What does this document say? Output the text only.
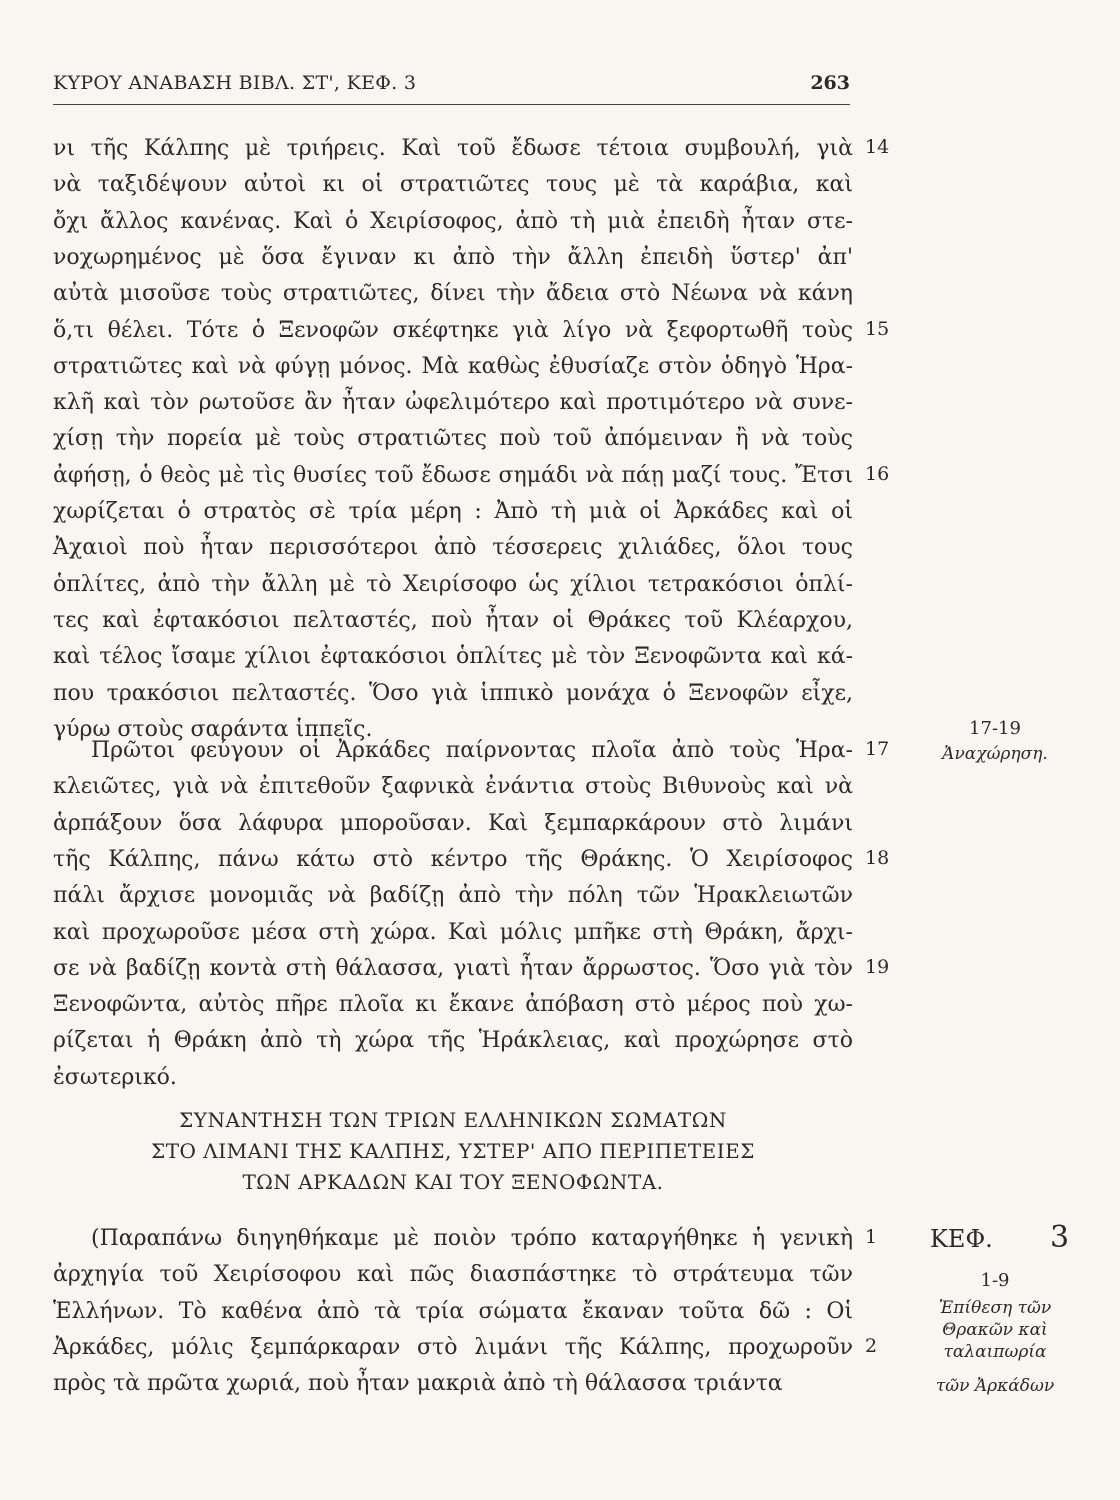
ΚΥΡΟΥ ΑΝΑΒΑΣΗ ΒΙΒΛ. ΣΤ', ΚΕΦ. 3	263
νι τῆς Κάλπης μὲ τριήρεις. Καὶ τοῦ ἔδωσε τέτοια συμβουλή, γιὰ 14
νὰ ταξιδέψουν αὐτοὶ κι οἱ στρατιῶτες τους μὲ τὰ καράβια, καὶ
ὄχι ἄλλος κανένας. Καὶ ὁ Χειρίσοφος, ἀπὸ τὴ μιὰ ἐπειδὴ ἦταν στε-
νοχωρημένος μὲ ὅσα ἔγιναν κι ἀπὸ τὴν ἄλλη ἐπειδὴ ὕστερ' ἀπ'
αὐτὰ μισοῦσε τοὺς στρατιῶτες, δίνει τὴν ἄδεια στὸ Νέωνα νὰ κάνη
ὅ,τι θέλει. Τότε ὁ Ξενοφῶν σκέφτηκε γιὰ λίγο νὰ ξεφορτωθῆ τοὺς 15
στρατιῶτες καὶ νὰ φύγῃ μόνος. Μὰ καθὼς ἐθυσίαζε στὸν ὁδηγὸ Ἡρα-
κλῆ καὶ τὸν ρωτοῦσε ἂν ἦταν ὠφελιμότερο καὶ προτιμότερο νὰ συνε-
χίσῃ τὴν πορεία μὲ τοὺς στρατιῶτες ποὺ τοῦ ἀπόμειναν ἢ νὰ τοὺς
ἀφήσῃ, ὁ θεὸς μὲ τὶς θυσίες τοῦ ἔδωσε σημάδι νὰ πάῃ μαζί τους. Ἔτσι 16
χωρίζεται ὁ στρατὸς σὲ τρία μέρη : Ἀπὸ τὴ μιὰ οἱ Ἀρκάδες καὶ οἱ
Ἀχαιοὶ ποὺ ἦταν περισσότεροι ἀπὸ τέσσερεις χιλιάδες, ὅλοι τους
ὁπλίτες, ἀπὸ τὴν ἄλλη μὲ τὸ Χειρίσοφο ὡς χίλιοι τετρακόσιοι ὁπλί-
τες καὶ ἐφτακόσιοι πελταστές, ποὺ ἦταν οἱ Θράκες τοῦ Κλέαρχου,
καὶ τέλος ἴσαμε χίλιοι ἐφτακόσιοι ὁπλίτες μὲ τὸν Ξενοφῶντα καὶ κά-
που τρακόσιοι πελταστές. Ὅσο γιὰ ἱππικὸ μονάχα ὁ Ξενοφῶν εἶχε,
γύρω στοὺς σαράντα ἱππεῖς.
Πρῶτοι φεύγουν οἱ Ἀρκάδες παίρνοντας πλοῖα ἀπὸ τοὺς Ἡρα- 17
κλειῶτες, γιὰ νὰ ἐπιτεθοῦν ξαφνικὰ ἐνάντια στοὺς Βιθυνοὺς καὶ νὰ
ἁρπάξουν ὅσα λάφυρα μποροῦσαν. Καὶ ξεμπαρκάρουν στὸ λιμάνι
τῆς Κάλπης, πάνω κάτω στὸ κέντρο τῆς Θράκης. Ὁ Χειρίσοφος 18
πάλι ἄρχισε μονομιᾶς νὰ βαδίζῃ ἀπὸ τὴν πόλη τῶν Ἡρακλειωτῶν
καὶ προχωροῦσε μέσα στὴ χώρα. Καὶ μόλις μπῆκε στὴ Θράκη, ἄρχι-
σε νὰ βαδίζῃ κοντὰ στὴ θάλασσα, γιατὶ ἦταν ἄρρωστος. Ὅσο γιὰ τὸν 19
Ξενοφῶντα, αὐτὸς πῆρε πλοῖα κι ἔκανε ἀπόβαση στὸ μέρος ποὺ χω-
ρίζεται ἡ Θράκη ἀπὸ τὴ χώρα τῆς Ἡράκλειας, καὶ προχώρησε στὸ
ἐσωτερικό.
17-19
Ἀναχώρηση.
ΣΥΝΑΝΤΗΣΗ ΤΩΝ ΤΡΙΩΝ ΕΛΛΗΝΙΚΩΝ ΣΩΜΑΤΩΝ
ΣΤΟ ΛΙΜΑΝΙ ΤΗΣ ΚΑΛΠΗΣ, ΥΣΤΕΡ' ΑΠΟ ΠΕΡΙΠΕΤΕΙΕΣ
ΤΩΝ ΑΡΚΑΔΩΝ ΚΑΙ ΤΟΥ ΞΕΝΟΦΩΝΤΑ.
(Παραπάνω διηγηθήκαμε μὲ ποιὸν τρόπο καταργήθηκε ἡ γενικὴ 1
ἀρχηγία τοῦ Χειρίσοφου καὶ πῶς διασπάστηκε τὸ στράτευμα τῶν
Ἑλλήνων. Τὸ καθένα ἀπὸ τὰ τρία σώματα ἔκαναν τοῦτα δῶ : Οἱ
Ἀρκάδες, μόλις ξεμπάρκαραν στὸ λιμάνι τῆς Κάλπης, προχωροῦν 2
πρὸς τὰ πρῶτα χωριά, ποὺ ἦταν μακριὰ ἀπὸ τὴ θάλασσα τριάντα
ΚΕΦ. 3
1-9
Ἐπίθεση τῶν
Θρακῶν καὶ
ταλαιπωρία
τῶν Ἀρκάδων
